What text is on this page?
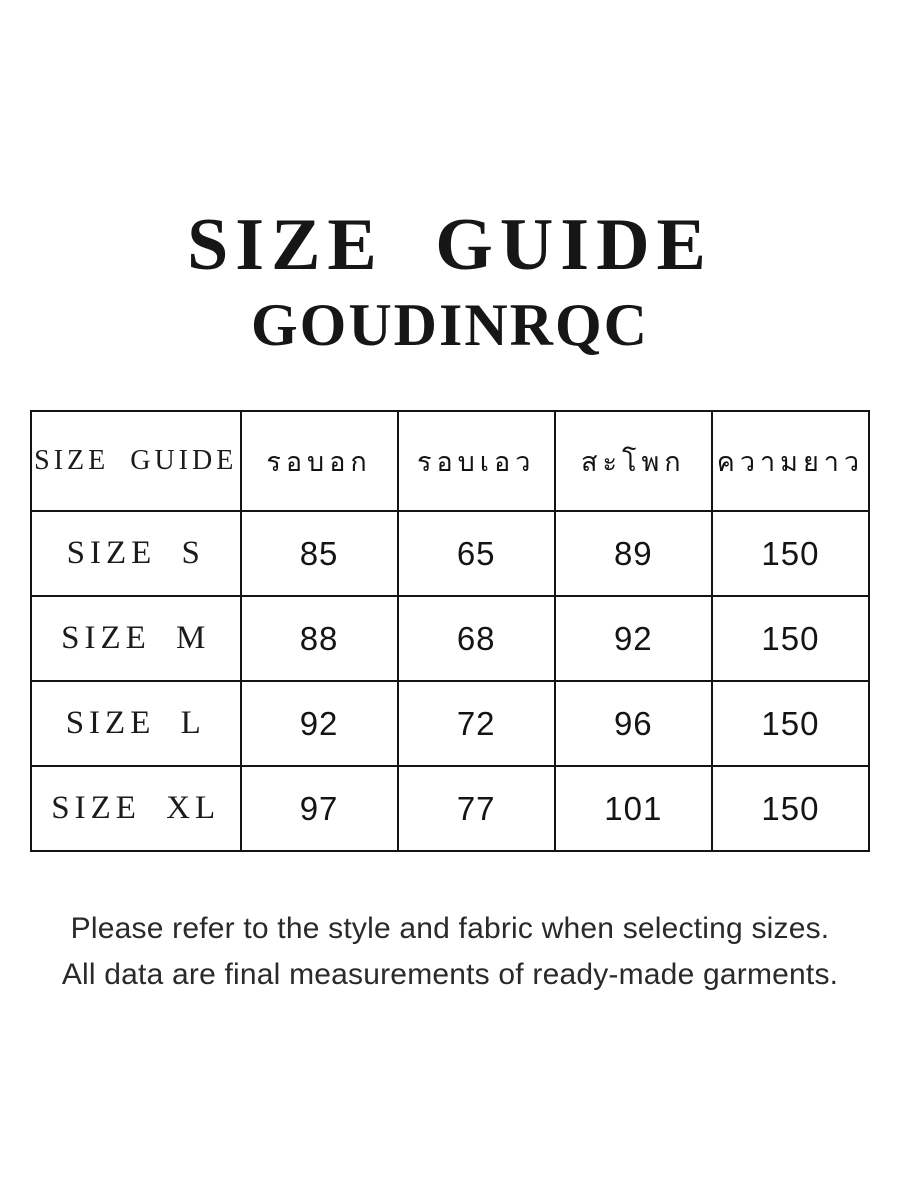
SIZE GUIDE
GOUDINRQC
SIZE GUIDE	รอบอก	รอบเอว	สะโพก	ความยาว
SIZE S	85	65	89	150
SIZE M	88	68	92	150
SIZE L	92	72	96	150
SIZE XL	97	77	101	150

Please refer to the style and fabric when selecting sizes.

All data are final measurements of ready-made garments.
